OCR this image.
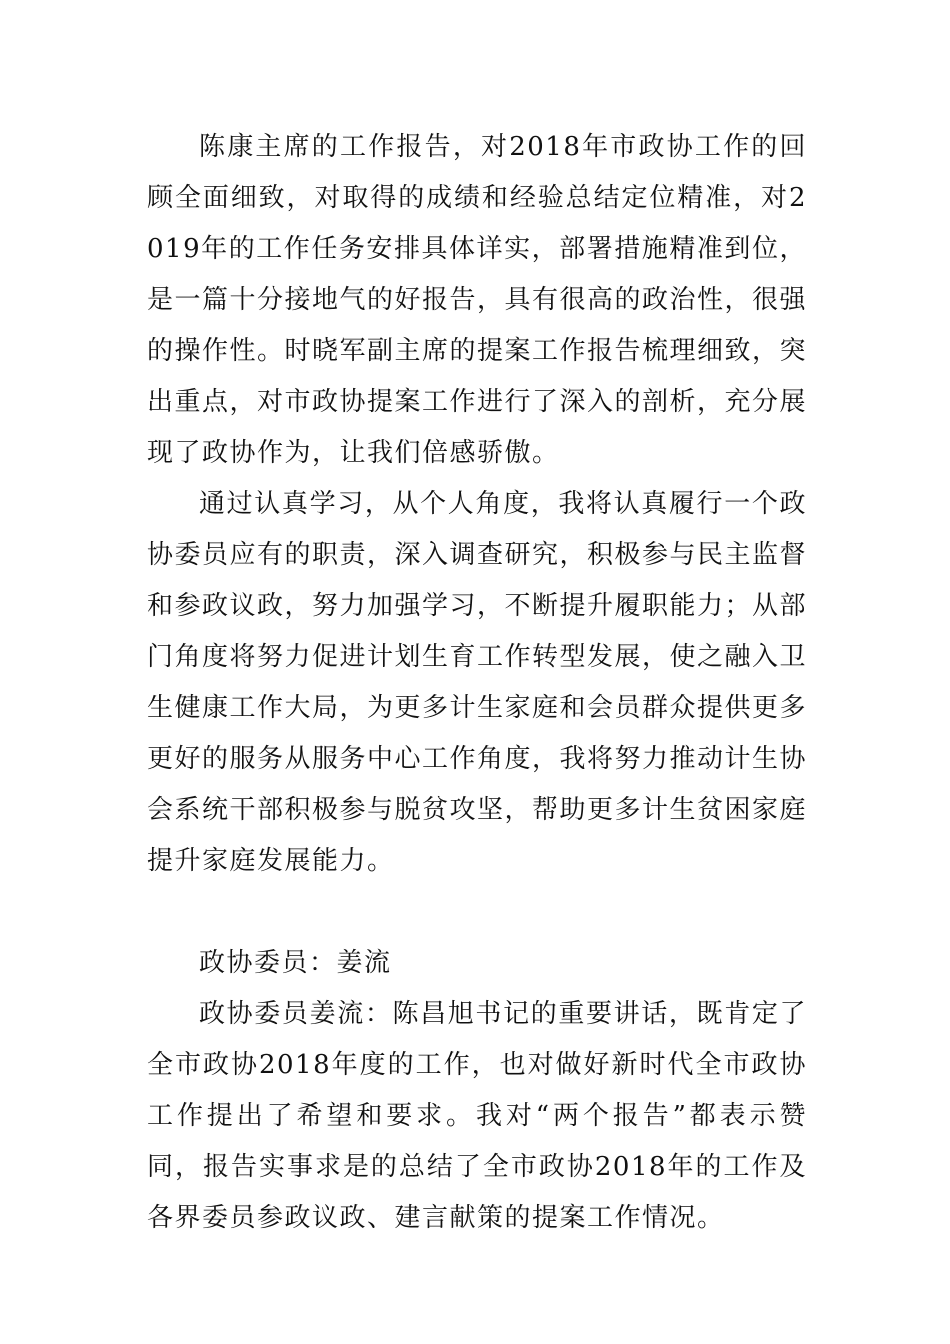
陈康主席的工作报告，对2018年市政协工作的回顾全面细致，对取得的成绩和经验总结定位精准，对2019年的工作任务安排具体详实，部署措施精准到位，是一篇十分接地气的好报告，具有很高的政治性，很强的操作性。时晓军副主席的提案工作报告梳理细致，突出重点，对市政协提案工作进行了深入的剖析，充分展现了政协作为，让我们倍感骄傲。

通过认真学习，从个人角度，我将认真履行一个政协委员应有的职责，深入调查研究，积极参与民主监督和参政议政，努力加强学习，不断提升履职能力；从部门角度将努力促进计划生育工作转型发展，使之融入卫生健康工作大局，为更多计生家庭和会员群众提供更多更好的服务从服务中心工作角度，我将努力推动计生协会系统干部积极参与脱贫攻坚，帮助更多计生贫困家庭提升家庭发展能力。

政协委员：姜流

政协委员姜流：陈昌旭书记的重要讲话，既肯定了全市政协2018年度的工作，也对做好新时代全市政协工作提出了希望和要求。我对“两个报告”都表示赞同，报告实事求是的总结了全市政协2018年的工作及各界委员参政议政、建言献策的提案工作情况。
